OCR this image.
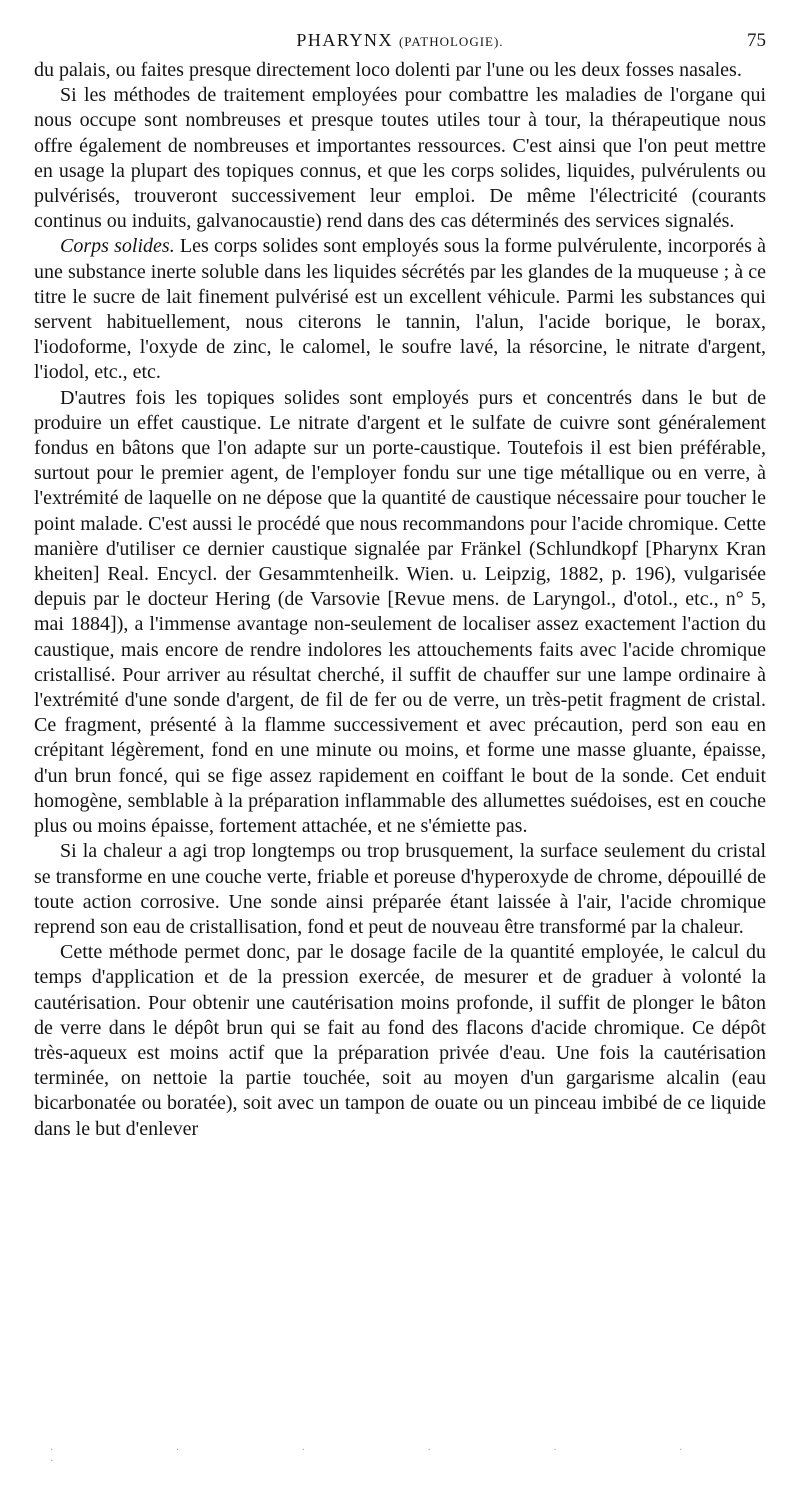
PHARYNX (PATHOLOGIE).	75

du palais, ou faites presque directement loco dolenti par l'une ou les deux fosses nasales.

Si les méthodes de traitement employées pour combattre les maladies de l'organe qui nous occupe sont nombreuses et presque toutes utiles tour à tour, la thérapeutique nous offre également de nombreuses et importantes ressources. C'est ainsi que l'on peut mettre en usage la plupart des topiques connus, et que les corps solides, liquides, pulvérulents ou pulvérisés, trouveront successivement leur emploi. De même l'électricité (courants continus ou induits, galvanocaustie) rend dans des cas déterminés des services signalés.

Corps solides. Les corps solides sont employés sous la forme pulvérulente, incorporés à une substance inerte soluble dans les liquides sécrétés par les glandes de la muqueuse ; à ce titre le sucre de lait finement pulvérisé est un excellent véhicule. Parmi les substances qui servent habituellement, nous citerons le tannin, l'alun, l'acide borique, le borax, l'iodoforme, l'oxyde de zinc, le calomel, le soufre lavé, la résorcine, le nitrate d'argent, l'iodol, etc., etc.

D'autres fois les topiques solides sont employés purs et concentrés dans le but de produire un effet caustique. Le nitrate d'argent et le sulfate de cuivre sont généralement fondus en bâtons que l'on adapte sur un porte-caustique. Toutefois il est bien préférable, surtout pour le premier agent, de l'employer fondu sur une tige métallique ou en verre, à l'extrémité de laquelle on ne dépose que la quantité de caustique nécessaire pour toucher le point malade. C'est aussi le procédé que nous recommandons pour l'acide chromique. Cette manière d'utiliser ce dernier caustique signalée par Fränkel (Schlundkopf [Pharynx Kran kheiten] Real. Encycl. der Gesammtenheilk. Wien. u. Leipzig, 1882, p. 196), vulgarisée depuis par le docteur Hering (de Varsovie [Revue mens. de Laryngol., d'otol., etc., n° 5, mai 1884]), a l'immense avantage non-seulement de localiser assez exactement l'action du caustique, mais encore de rendre indolores les attouchements faits avec l'acide chromique cristallisé. Pour arriver au résultat cherché, il suffit de chauffer sur une lampe ordinaire à l'extrémité d'une sonde d'argent, de fil de fer ou de verre, un très-petit fragment de cristal. Ce fragment, présenté à la flamme successivement et avec précaution, perd son eau en crépitant légèrement, fond en une minute ou moins, et forme une masse gluante, épaisse, d'un brun foncé, qui se fige assez rapidement en coiffant le bout de la sonde. Cet enduit homogène, semblable à la préparation inflammable des allumettes suédoises, est en couche plus ou moins épaisse, fortement attachée, et ne s'émiette pas.

Si la chaleur a agi trop longtemps ou trop brusquement, la surface seulement du cristal se transforme en une couche verte, friable et poreuse d'hyperoxyde de chrome, dépouillé de toute action corrosive. Une sonde ainsi préparée étant laissée à l'air, l'acide chromique reprend son eau de cristallisation, fond et peut de nouveau être transformé par la chaleur.

Cette méthode permet donc, par le dosage facile de la quantité employée, le calcul du temps d'application et de la pression exercée, de mesurer et de graduer à volonté la cautérisation. Pour obtenir une cautérisation moins profonde, il suffit de plonger le bâton de verre dans le dépôt brun qui se fait au fond des flacons d'acide chromique. Ce dépôt très-aqueux est moins actif que la préparation privée d'eau. Une fois la cautérisation terminée, on nettoie la partie touchée, soit au moyen d'un gargarisme alcalin (eau bicarbonatée ou boratée), soit avec un tampon de ouate ou un pinceau imbibé de ce liquide dans le but d'enlever

· · · · · · ·
